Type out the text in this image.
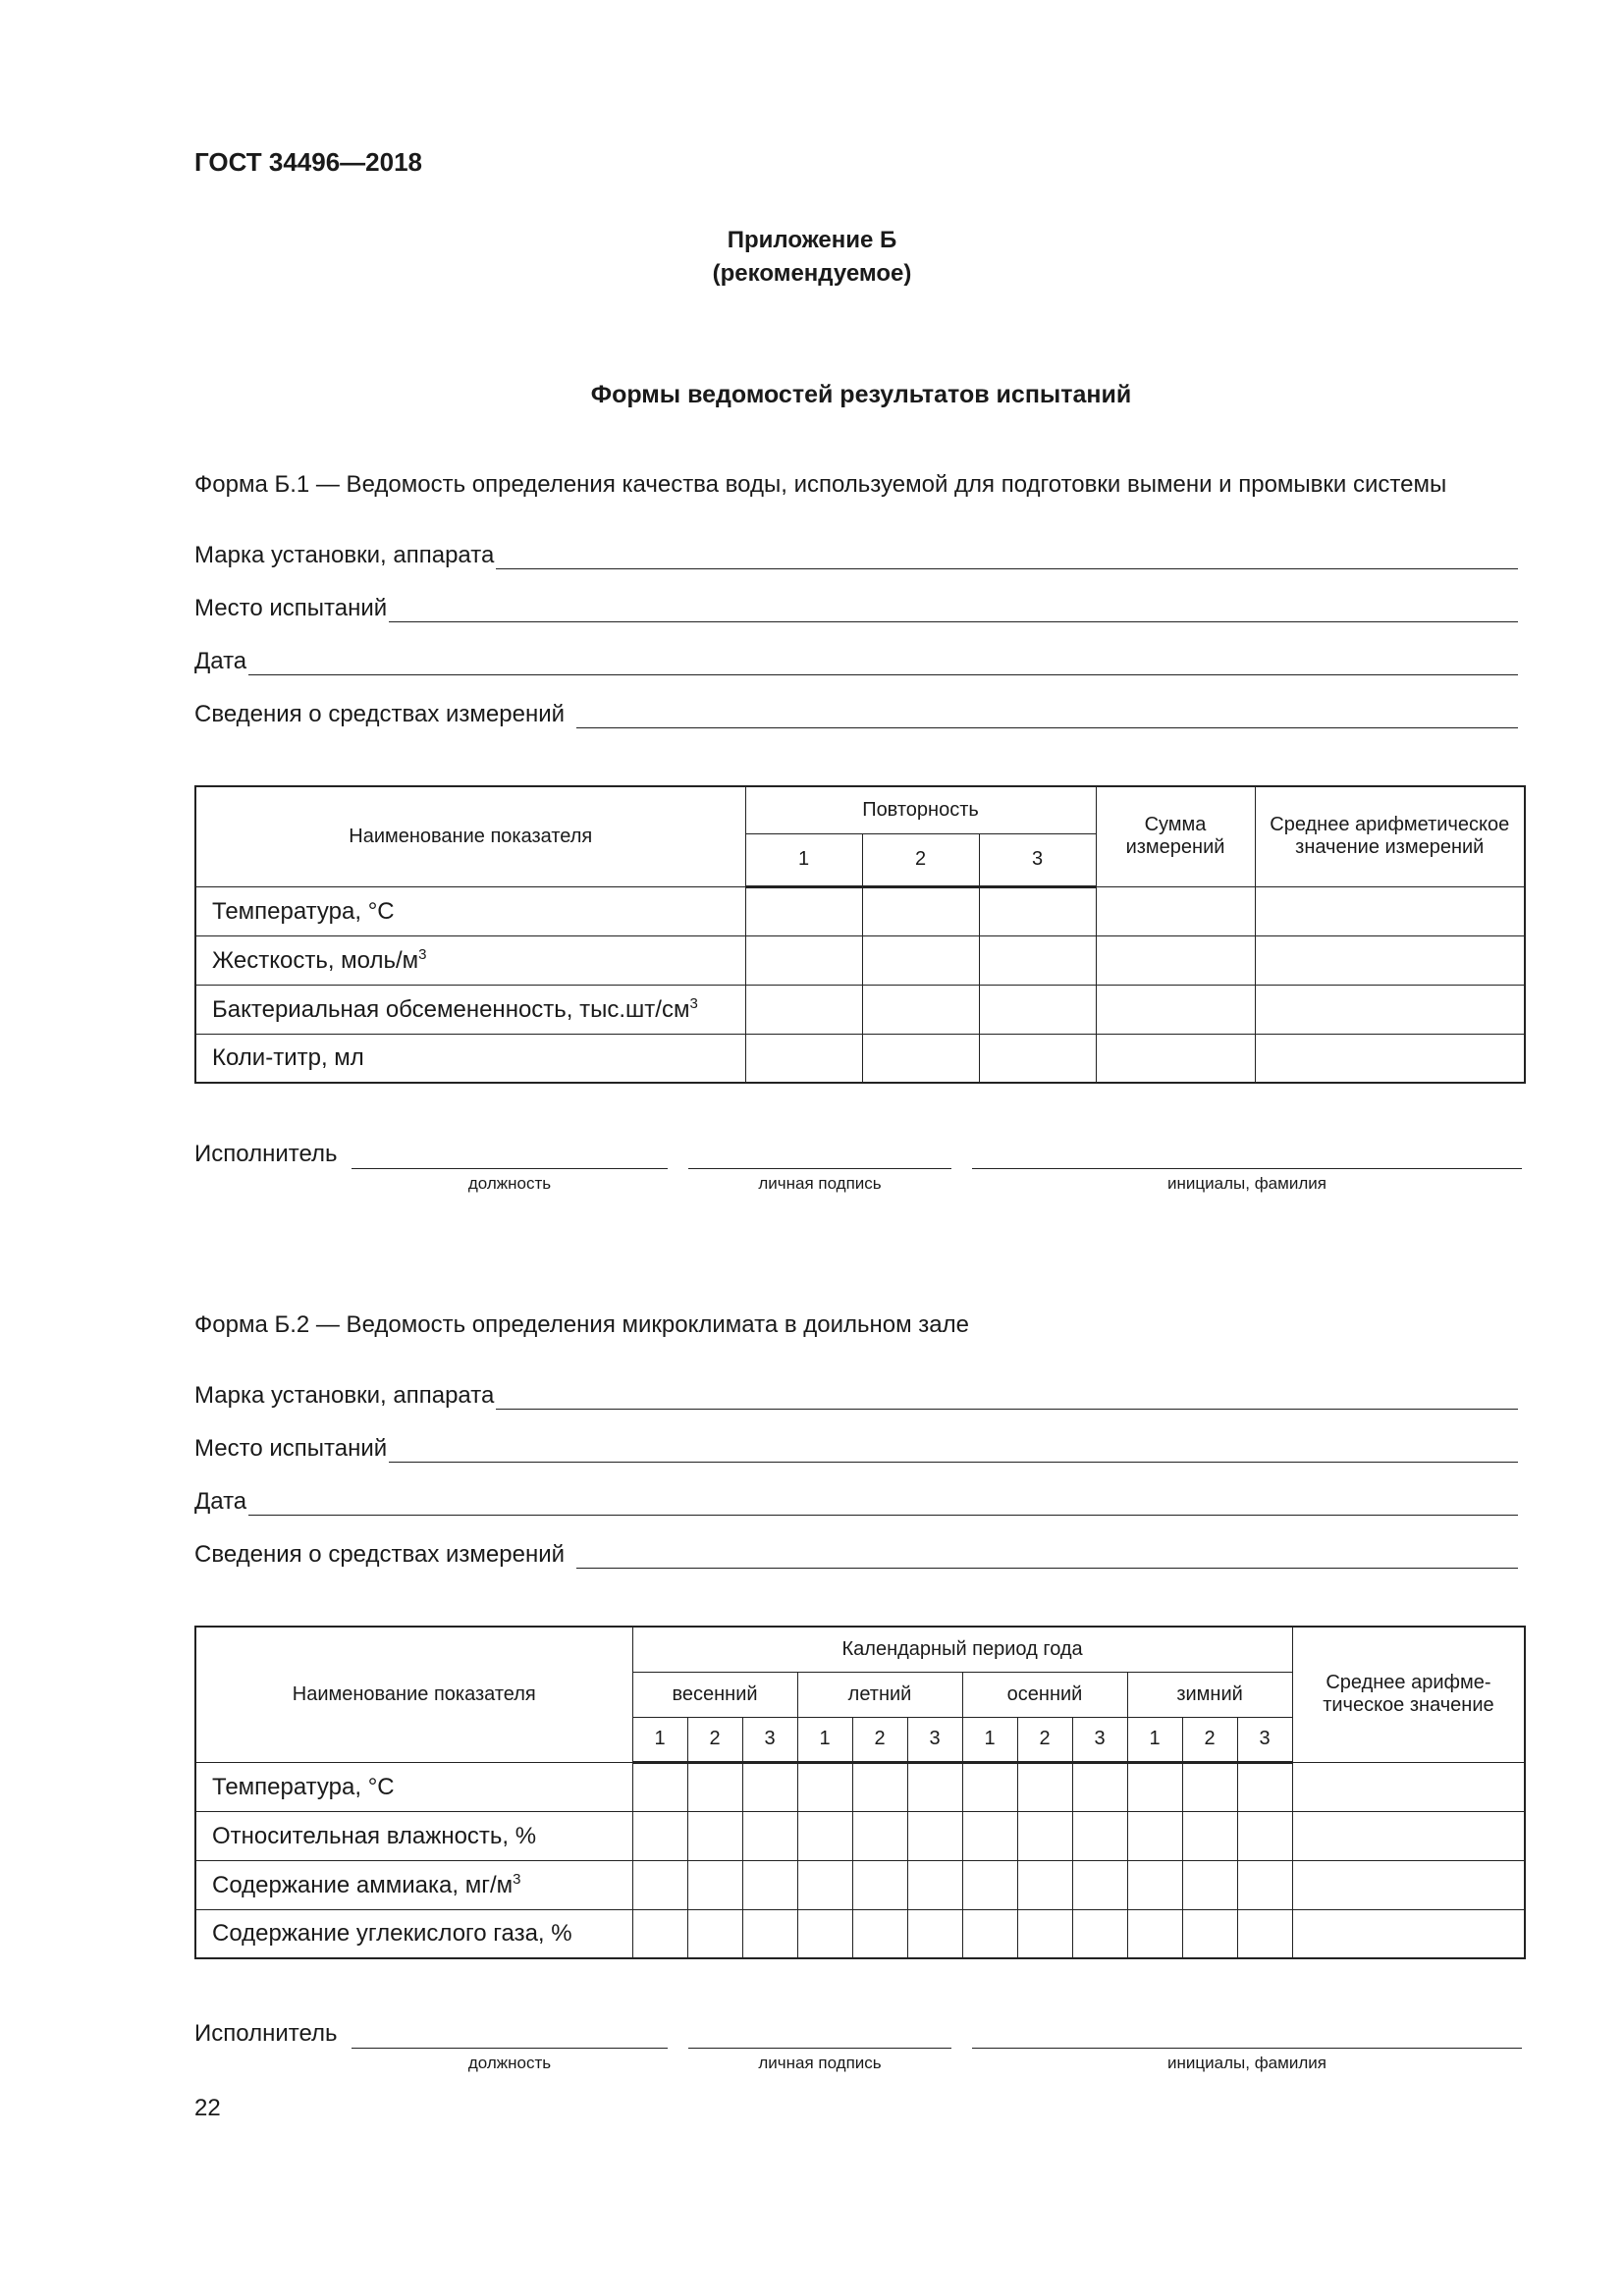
ГОСТ 34496—2018
Приложение Б
(рекомендуемое)
Формы ведомостей результатов испытаний
Форма Б.1 — Ведомость определения качества воды, используемой для подготовки вымени и промывки системы
Марка установки, аппарата
Место испытаний
Дата
Сведения о средствах измерений
Наименование показателя	Повторность			Сумма измерений	Среднее арифметическое значение измерений
	1	2	3		
Температура, °С					
Жесткость, моль/$м^3$					
Бактериальная обсемененность, $тыс.шт/см^3$					
Коли-титр, мл					
Исполнитель
должность	личная подпись	инициалы, фамилия
Форма Б.2 — Ведомость определения микроклимата в доильном зале
Марка установки, аппарата
Место испытаний
Дата
Сведения о средствах измерений
Наименование показателя	Календарный период года												Среднее арифме-тическое значение
	весенний			летний			осенний			зимний			
	1	2	3	1	2	3	1	2	3	1	2	3	
Температура, °С													
Относительная влажность, %													
Содержание аммиака, $мг/м^3$													
Содержание углекислого газа, %													
Исполнитель
должность	личная подпись	инициалы, фамилия
22
